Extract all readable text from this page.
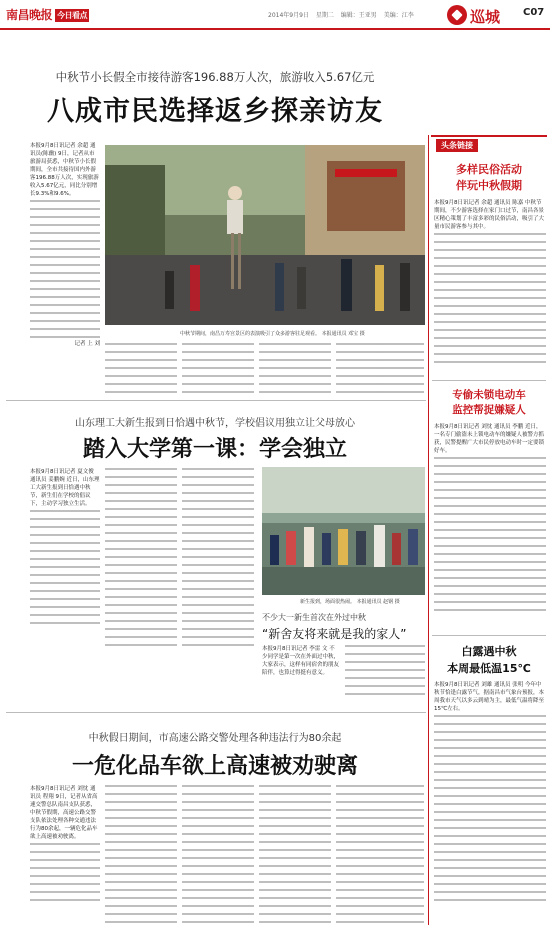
南昌晚报 今日看点	2014年9月9日 星期二 编辑：王亚男 美编：江李	巡城 C07
中秋节小长假全市接待游客196.88万人次，旅游收入5.67亿元
八成市民选择返乡探亲访友
本报9月8日讯记者 余超 通讯员(陈幽) 9日，记者从市旅游局获悉，中秋节小长假期间，全市共接待国内外游客196.88万人次，实现旅游收入5.67亿元，同比分别增长9.3%和9.6%。
记者 上 刘
中秋节期间，南昌万寿宫景区的表演吸引了众多游客驻足观看。 本报通讯员 邓宝 摄
山东理工大新生报到日恰遇中秋节，学校倡议用独立让父母放心
踏入大学第一课：学会独立
本报9月8日讯记者 夏文俊 通讯员 姜鹏婉 近日，山东理工大新生报到日恰遇中秋节，新生们在学校的倡议下，主动学习独立生活。
新生报到，场面很热闹。 本报通讯员 赵钢 摄
不少大一新生首次在外过中秋
“新舍友将来就是我的家人”
本报9月8日讯记者 李雷 文 不少同学是第一次在外面过中秋，大家表示，这样有同宿舍的朋友陪伴，也算过得挺有意义。
中秋假日期间，市高速公路交警处理各种违法行为80余起
一危化品车欲上高速被劝驶离
本报9月8日讯记者 刘忱 通讯员 程翔 9日，记者从省高速交警总队南昌支队获悉，中秋节假期，高速公路交警支队依法处理各种交通违法行为80余起，一辆危化品车欲上高速被劝驶离。
头条链接
多样民俗活动
伴玩中秋假期
本报9月8日讯记者 余超 通讯员 陈嘉 中秋节期间，不少游客选择在家门口过节，南昌各景区精心策划了丰富多彩的民俗活动，吸引了大量市民游客参与其中。
专偷未锁电动车
监控帮捉嫌疑人
本报9月8日讯记者 刘忱 通讯员 李鹏 近日，一名专门偷盗未上锁电动车的嫌疑人被警方抓获，民警提醒广大市民停放电动车时一定要锁好车。
白露遇中秋
本周最低温15℃
本报9月8日讯记者 刘雄 通讯员 张明 今年中秋节恰逢白露节气，据南昌市气象台预报，本周我市天气以多云到晴为主，最低气温将降至15℃左右。
